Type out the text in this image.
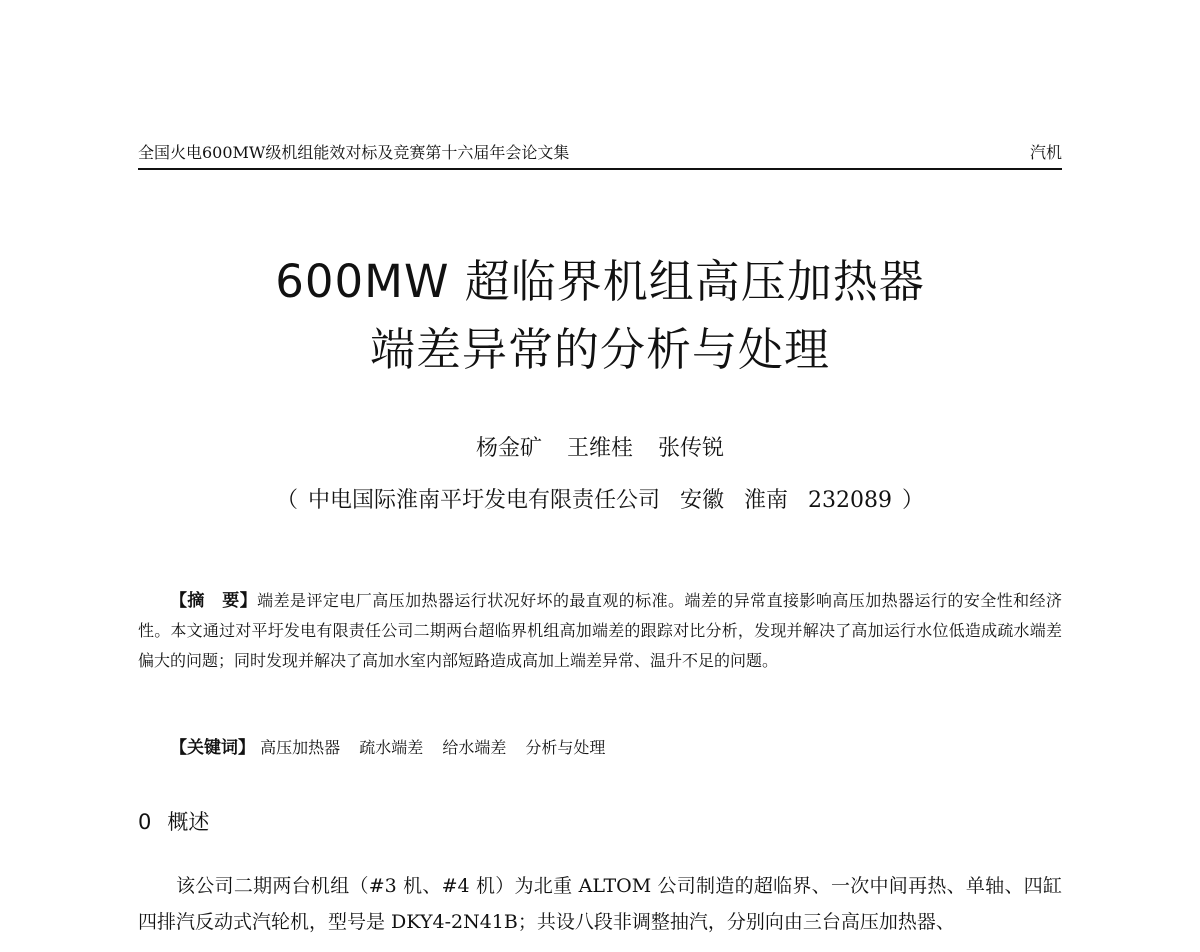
全国火电600MW级机组能效对标及竞赛第十六届年会论文集	汽机
600MW 超临界机组高压加热器
端差异常的分析与处理
杨金矿 王维桂 张传锐
（ 中电国际淮南平圩发电有限责任公司 安徽 淮南 232089 ）

【摘　要】端差是评定电厂高压加热器运行状况好坏的最直观的标准。端差的异常直接影响高压加热器运行的安全性和经济性。本文通过对平圩发电有限责任公司二期两台超临界机组高加端差的跟踪对比分析，发现并解决了高加运行水位低造成疏水端差偏大的问题；同时发现并解决了高加水室内部短路造成高加上端差异常、温升不足的问题。

【关键词】 高压加热器 疏水端差 给水端差 分析与处理
0 概述

该公司二期两台机组（#3 机、#4 机）为北重 ALTOM 公司制造的超临界、一次中间再热、单轴、四缸四排汽反动式汽轮机，型号是 DKY4-2N41B；共设八段非调整抽汽，分别向由三台高压加热器、
